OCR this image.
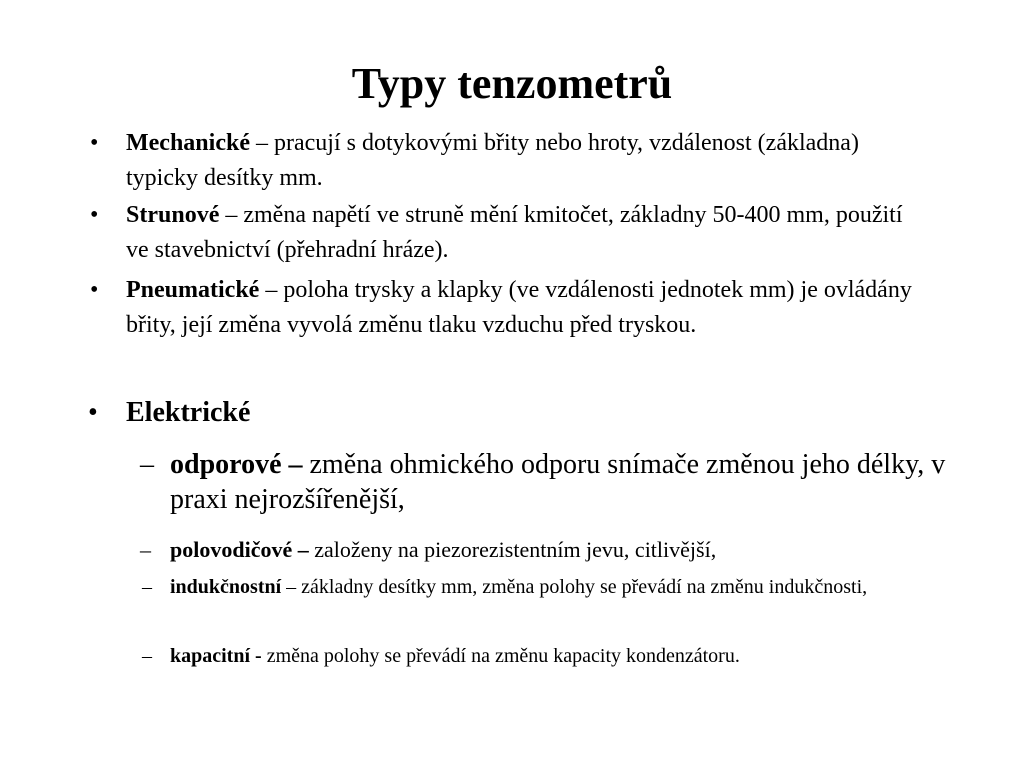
Typy tenzometrů
• Mechanické – pracují s dotykovými břity nebo hroty, vzdálenost (základna) typicky desítky mm.
• Strunové – změna napětí ve struně mění kmitočet, základny 50-400 mm, použití ve stavebnictví (přehradní hráze).
• Pneumatické – poloha trysky a klapky (ve vzdálenosti jednotek mm) je ovládány břity, její změna vyvolá změnu tlaku vzduchu před tryskou.
• Elektrické
– odporové – změna ohmického odporu snímače změnou jeho délky, v praxi nejrozšířenější,
– polovodičové – založeny na piezorezistentním jevu, citlivější,
– indukčnostní – základny desítky mm, změna polohy se převádí na změnu indukčnosti,
– kapacitní - změna polohy se převádí na změnu kapacity kondenzátoru.
